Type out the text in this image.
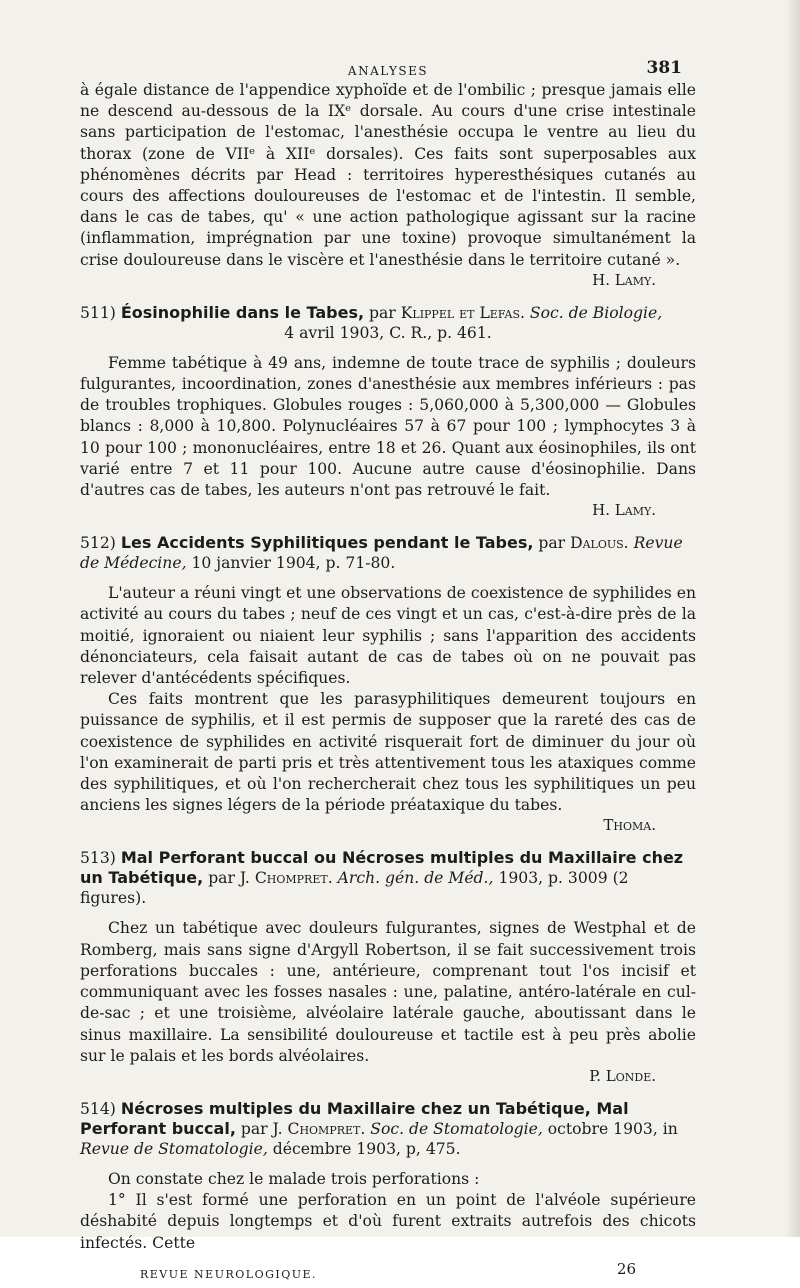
ANALYSES	381

à égale distance de l'appendice xyphoïde et de l'ombilic ; presque jamais elle ne descend au-dessous de la IXᵉ dorsale. Au cours d'une crise intestinale sans participation de l'estomac, l'anesthésie occupa le ventre au lieu du thorax (zone de VIIᵉ à XIIᵉ dorsales). Ces faits sont superposables aux phénomènes décrits par Head : territoires hyperesthésiques cutanés au cours des affections douloureuses de l'estomac et de l'intestin. Il semble, dans le cas de tabes, qu' « une action pathologique agissant sur la racine (inflammation, imprégnation par une toxine) provoque simultanément la crise douloureuse dans le viscère et l'anesthésie dans le territoire cutané ».

H. Lamy.

511) Éosinophilie dans le Tabes, par Klippel et Lefas. Soc. de Biologie,

4 avril 1903, C. R., p. 461.

Femme tabétique à 49 ans, indemne de toute trace de syphilis ; douleurs fulgurantes, incoordination, zones d'anesthésie aux membres inférieurs : pas de troubles trophiques. Globules rouges : 5,060,000 à 5,300,000 — Globules blancs : 8,000 à 10,800. Polynucléaires 57 à 67 pour 100 ; lymphocytes 3 à 10 pour 100 ; mononucléaires, entre 18 et 26. Quant aux éosinophiles, ils ont varié entre 7 et 11 pour 100. Aucune autre cause d'éosinophilie. Dans d'autres cas de tabes, les auteurs n'ont pas retrouvé le fait.

H. Lamy.

512) Les Accidents Syphilitiques pendant le Tabes, par Dalous. Revue de Médecine, 10 janvier 1904, p. 71-80.

L'auteur a réuni vingt et une observations de coexistence de syphilides en activité au cours du tabes ; neuf de ces vingt et un cas, c'est-à-dire près de la moitié, ignoraient ou niaient leur syphilis ; sans l'apparition des accidents dénonciateurs, cela faisait autant de cas de tabes où on ne pouvait pas relever d'antécédents spécifiques.

Ces faits montrent que les parasyphilitiques demeurent toujours en puissance de syphilis, et il est permis de supposer que la rareté des cas de coexistence de syphilides en activité risquerait fort de diminuer du jour où l'on examinerait de parti pris et très attentivement tous les ataxiques comme des syphilitiques, et où l'on rechercherait chez tous les syphilitiques un peu anciens les signes légers de la période préataxique du tabes.

Thoma.

513) Mal Perforant buccal ou Nécroses multiples du Maxillaire chez un Tabétique, par J. Chompret. Arch. gén. de Méd., 1903, p. 3009 (2 figures).

Chez un tabétique avec douleurs fulgurantes, signes de Westphal et de Romberg, mais sans signe d'Argyll Robertson, il se fait successivement trois perforations buccales : une, antérieure, comprenant tout l'os incisif et communiquant avec les fosses nasales : une, palatine, antéro-latérale en cul-de-sac ; et une troisième, alvéolaire latérale gauche, aboutissant dans le sinus maxillaire. La sensibilité douloureuse et tactile est à peu près abolie sur le palais et les bords alvéolaires.

P. Londe.

514) Nécroses multiples du Maxillaire chez un Tabétique, Mal Perforant buccal, par J. Chompret. Soc. de Stomatologie, octobre 1903, in Revue de Stomatologie, décembre 1903, p, 475.

On constate chez le malade trois perforations :

1° Il s'est formé une perforation en un point de l'alvéole supérieure déshabité depuis longtemps et d'où furent extraits autrefois des chicots infectés. Cette

REVUE NEUROLOGIQUE.	26
